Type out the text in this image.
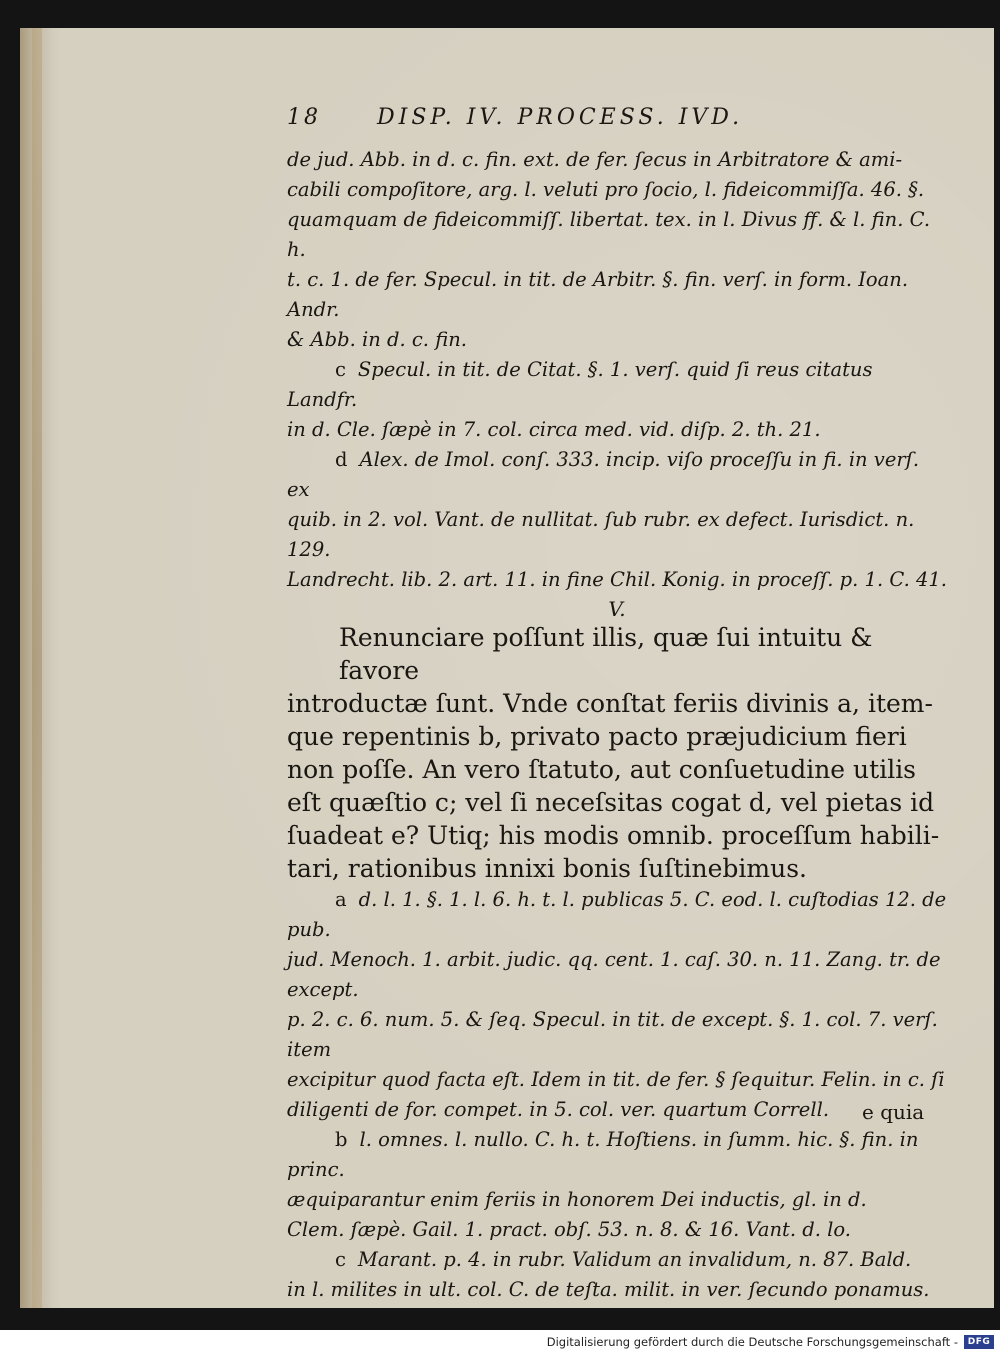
18	DISP. IV. PROCESS. IVD.
de jud. Abb. in d. c. fin. ext. de fer. ſecus in Arbitratore & ami-
cabili compoſitore, arg. l. veluti pro ſocio, l. fideicommiſſa. 46. §.
quamquam de fideicommiſſ. libertat. tex. in l. Divus ff. & l. fin. C. h.
t. c. 1. de fer. Specul. in tit. de Arbitr. §. fin. verſ. in form. Ioan. Andr.
& Abb. in d. c. fin.
c Specul. in tit. de Citat. §. 1. verſ. quid ſi reus citatus Landfr.
in d. Cle. ſæpè in 7. col. circa med. vid. diſp. 2. th. 21.
d Alex. de Imol. conſ. 333. incip. viſo proceſſu in fi. in verſ. ex
quib. in 2. vol. Vant. de nullitat. ſub rubr. ex defect. Iurisdict. n. 129.
Landrecht. lib. 2. art. 11. in fine Chil. Konig. in proceſſ. p. 1. C. 41.
V.
Renunciare poſſunt illis, quæ ſui intuitu & favore
introductæ ſunt. Vnde conſtat feriis divinis a, item-
que repentinis b, privato pacto præjudicium fieri
non poſſe. An vero ſtatuto, aut conſuetudine utilis
eſt quæſtio c; vel ſi neceſsitas cogat d, vel pietas id
ſuadeat e? Utiq; his modis omnib. proceſſum habili-
tari, rationibus innixi bonis ſuſtinebimus.
a d. l. 1. §. 1. l. 6. h. t. l. publicas 5. C. eod. l. cuſtodias 12. de pub.
jud. Menoch. 1. arbit. judic. qq. cent. 1. caſ. 30. n. 11. Zang. tr. de except.
p. 2. c. 6. num. 5. & ſeq. Specul. in tit. de except. §. 1. col. 7. verſ. item
excipitur quod facta eſt. Idem in tit. de fer. § ſequitur. Felin. in c. ſi
diligenti de for. compet. in 5. col. ver. quartum Correll.
b l. omnes. l. nullo. C. h. t. Hoſtiens. in ſumm. hic. §. fin. in princ.
æquiparantur enim feriis in honorem Dei inductis, gl. in d.
Clem. ſæpè. Gail. 1. pract. obſ. 53. n. 8. & 16. Vant. d. lo.
c Marant. p. 4. in rubr. Validum an invalidum, n. 87. Bald.
in l. milites in ult. col. C. de teſta. milit. in ver. ſecundo ponamus.
e quia
Digitalisierung gefördert durch die Deutsche Forschungsgemeinschaft -	DFG
